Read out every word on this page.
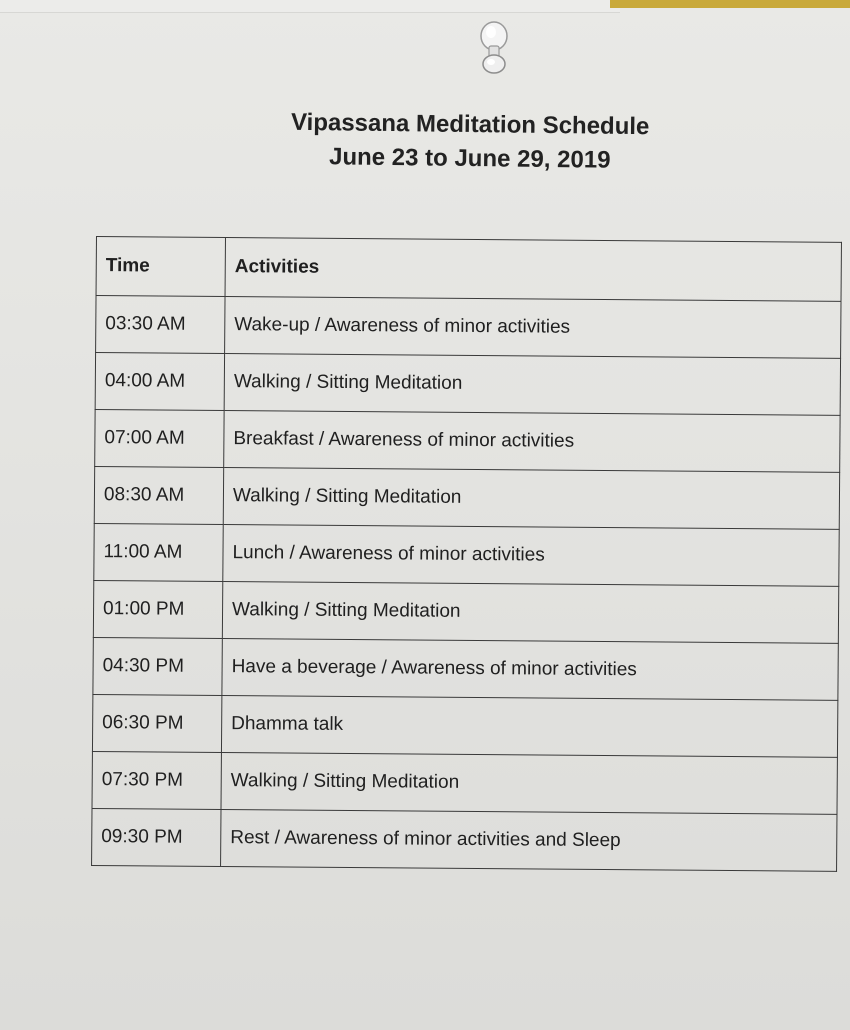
Vipassana Meditation Schedule
June 23 to June 29, 2019
Time	Activities
03:30 AM	Wake-up / Awareness of minor activities
04:00 AM	Walking / Sitting Meditation
07:00 AM	Breakfast / Awareness of minor activities
08:30 AM	Walking / Sitting Meditation
11:00 AM	Lunch / Awareness of minor activities
01:00 PM	Walking / Sitting Meditation
04:30 PM	Have a beverage / Awareness of minor activities
06:30 PM	Dhamma talk
07:30 PM	Walking / Sitting Meditation
09:30 PM	Rest / Awareness of minor activities and Sleep
